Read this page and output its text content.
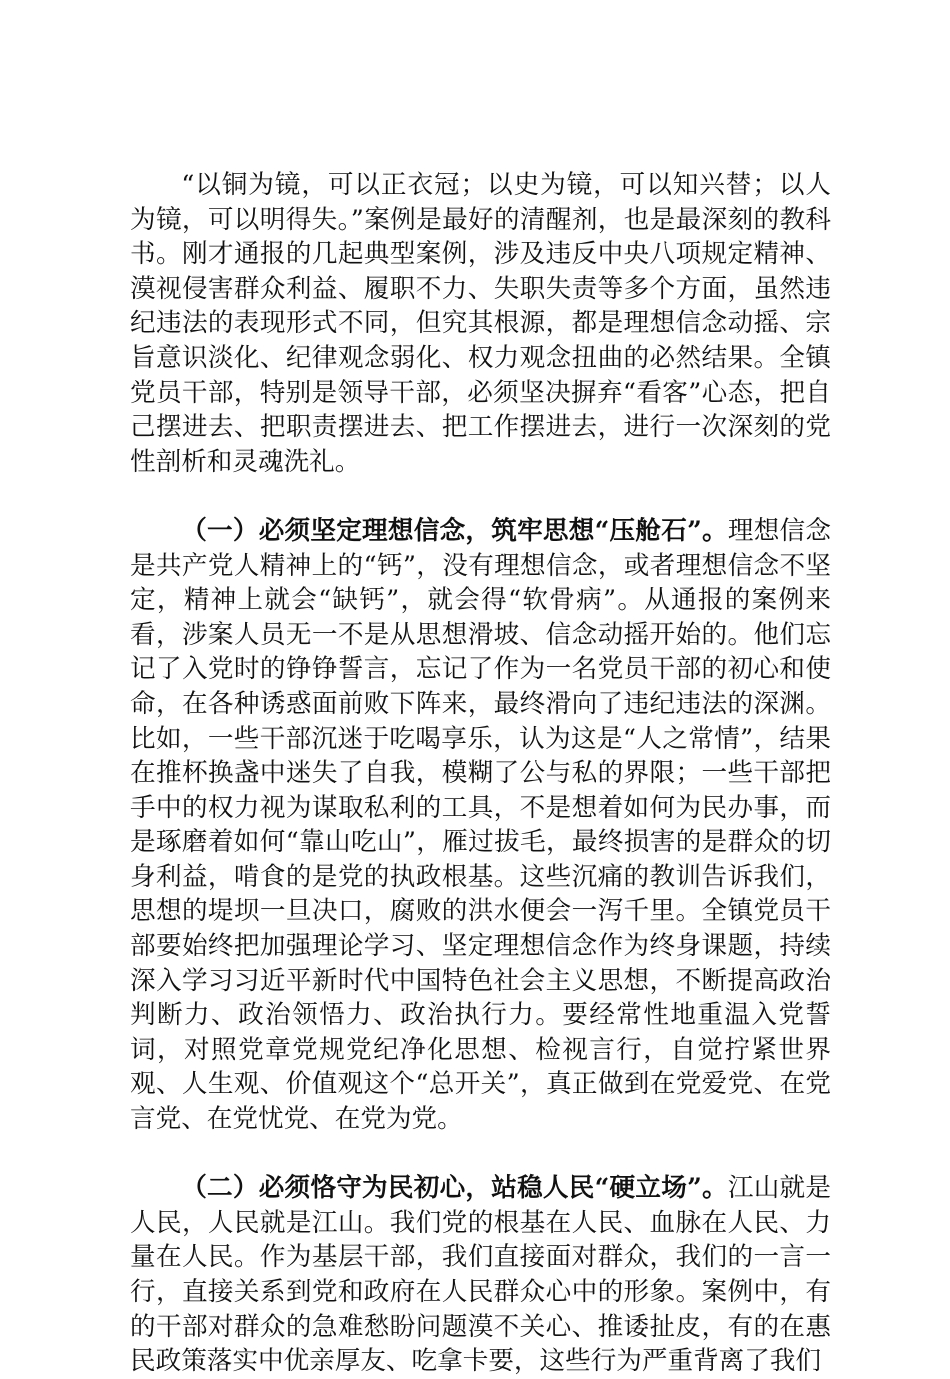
“以铜为镜，可以正衣冠；以史为镜，可以知兴替；以人为镜，可以明得失。”案例是最好的清醒剂，也是最深刻的教科书。刚才通报的几起典型案例，涉及违反中央八项规定精神、漠视侵害群众利益、履职不力、失职失责等多个方面，虽然违纪违法的表现形式不同，但究其根源，都是理想信念动摇、宗旨意识淡化、纪律观念弱化、权力观念扭曲的必然结果。全镇党员干部，特别是领导干部，必须坚决摒弃“看客”心态，把自己摆进去、把职责摆进去、把工作摆进去，进行一次深刻的党性剖析和灵魂洗礼。

（一）必须坚定理想信念，筑牢思想“压舱石”。理想信念是共产党人精神上的“钙”，没有理想信念，或者理想信念不坚定，精神上就会“缺钙”，就会得“软骨病”。从通报的案例来看，涉案人员无一不是从思想滑坡、信念动摇开始的。他们忘记了入党时的铮铮誓言，忘记了作为一名党员干部的初心和使命，在各种诱惑面前败下阵来，最终滑向了违纪违法的深渊。比如，一些干部沉迷于吃喝享乐，认为这是“人之常情”，结果在推杯换盏中迷失了自我，模糊了公与私的界限；一些干部把手中的权力视为谋取私利的工具，不是想着如何为民办事，而是琢磨着如何“靠山吃山”，雁过拔毛，最终损害的是群众的切身利益，啃食的是党的执政根基。这些沉痛的教训告诉我们，思想的堤坝一旦决口，腐败的洪水便会一泻千里。全镇党员干部要始终把加强理论学习、坚定理想信念作为终身课题，持续深入学习习近平新时代中国特色社会主义思想，不断提高政治判断力、政治领悟力、政治执行力。要经常性地重温入党誓词，对照党章党规党纪净化思想、检视言行，自觉拧紧世界观、人生观、价值观这个“总开关”，真正做到在党爱党、在党言党、在党忧党、在党为党。

（二）必须恪守为民初心，站稳人民“硬立场”。江山就是人民，人民就是江山。我们党的根基在人民、血脉在人民、力量在人民。作为基层干部，我们直接面对群众，我们的一言一行，直接关系到党和政府在人民群众心中的形象。案例中，有的干部对群众的急难愁盼问题漠不关心、推诿扯皮，有的在惠民政策落实中优亲厚友、吃拿卡要，这些行为严重背离了我们
